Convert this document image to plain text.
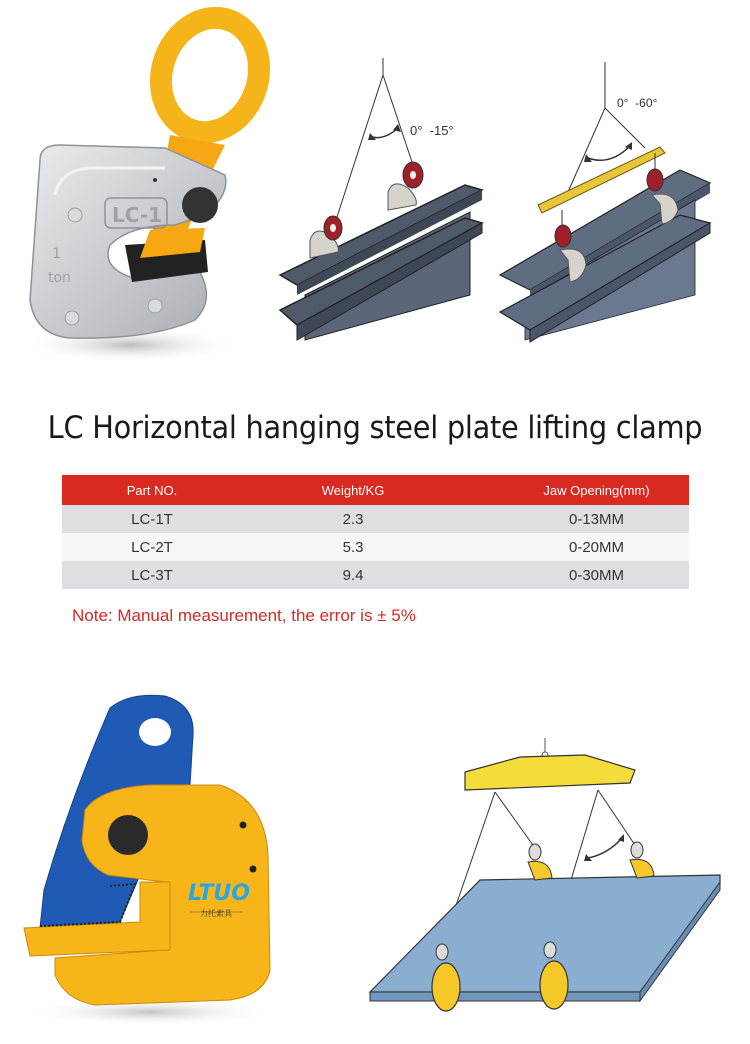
LC-1
1
ton
0° -15°
0° -60°
LC Horizontal hanging steel plate lifting clamp
Part NO.	Weight/KG	Jaw Opening(mm)
LC-1T	2.3	0-13MM
LC-2T	5.3	0-20MM
LC-3T	9.4	0-30MM

Note: Manual measurement, the error is ± 5%

LTUO
力托索具
